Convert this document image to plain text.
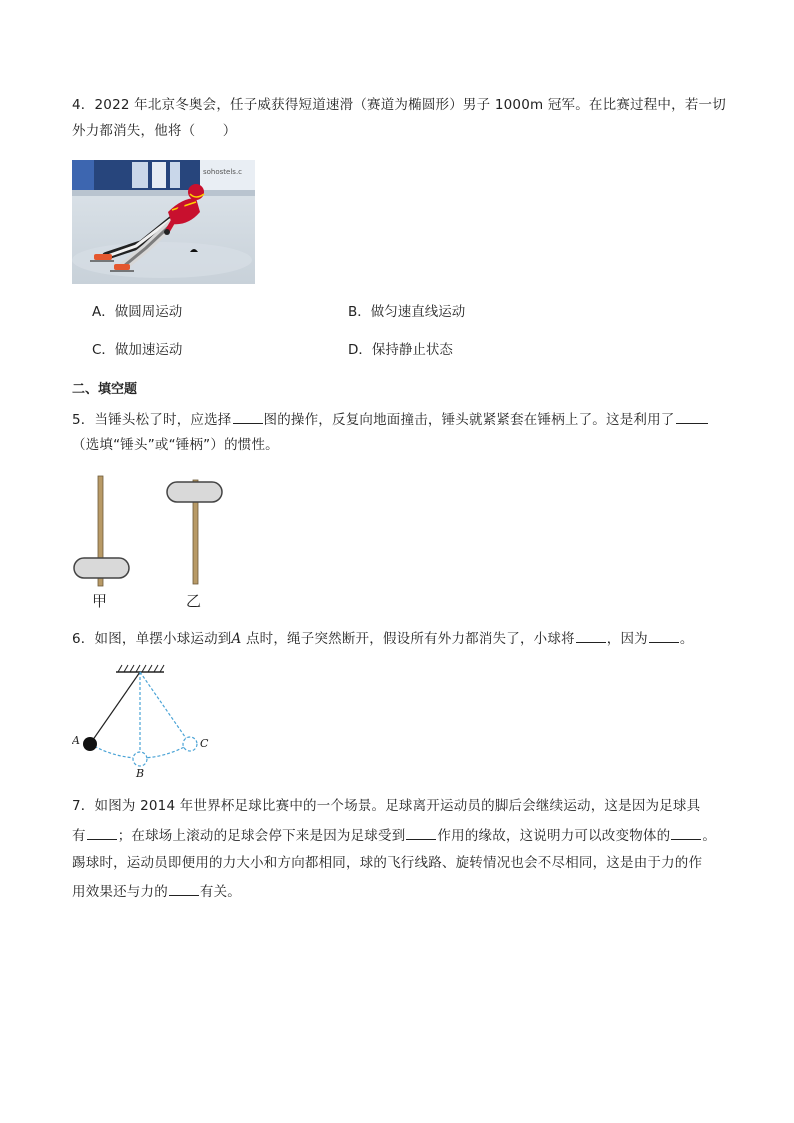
4．2022 年北京冬奥会，任子威获得短道速滑（赛道为椭圆形）男子 1000m 冠军。在比赛过程中，若一切
外力都消失，他将（　　）
sohostels.c
A．做圆周运动	B．做匀速直线运动
C．做加速运动	D．保持静止状态
二、填空题
5．当锤头松了时，应选择 图的操作，反复向地面撞击，锤头就紧紧套在锤柄上了。这是利用了
（选填“锤头”或“锤柄”）的惯性。
甲	乙
6．如图，单摆小球运动到A 点时，绳子突然断开，假设所有外力都消失了，小球将 ，因为 。
A
B
C
7．如图为 2014 年世界杯足球比赛中的一个场景。足球离开运动员的脚后会继续运动，这是因为足球具
有 ；在球场上滚动的足球会停下来是因为足球受到 作用的缘故，这说明力可以改变物体的 。
踢球时，运动员即便用的力大小和方向都相同，球的飞行线路、旋转情况也会不尽相同，这是由于力的作
用效果还与力的 有关。
